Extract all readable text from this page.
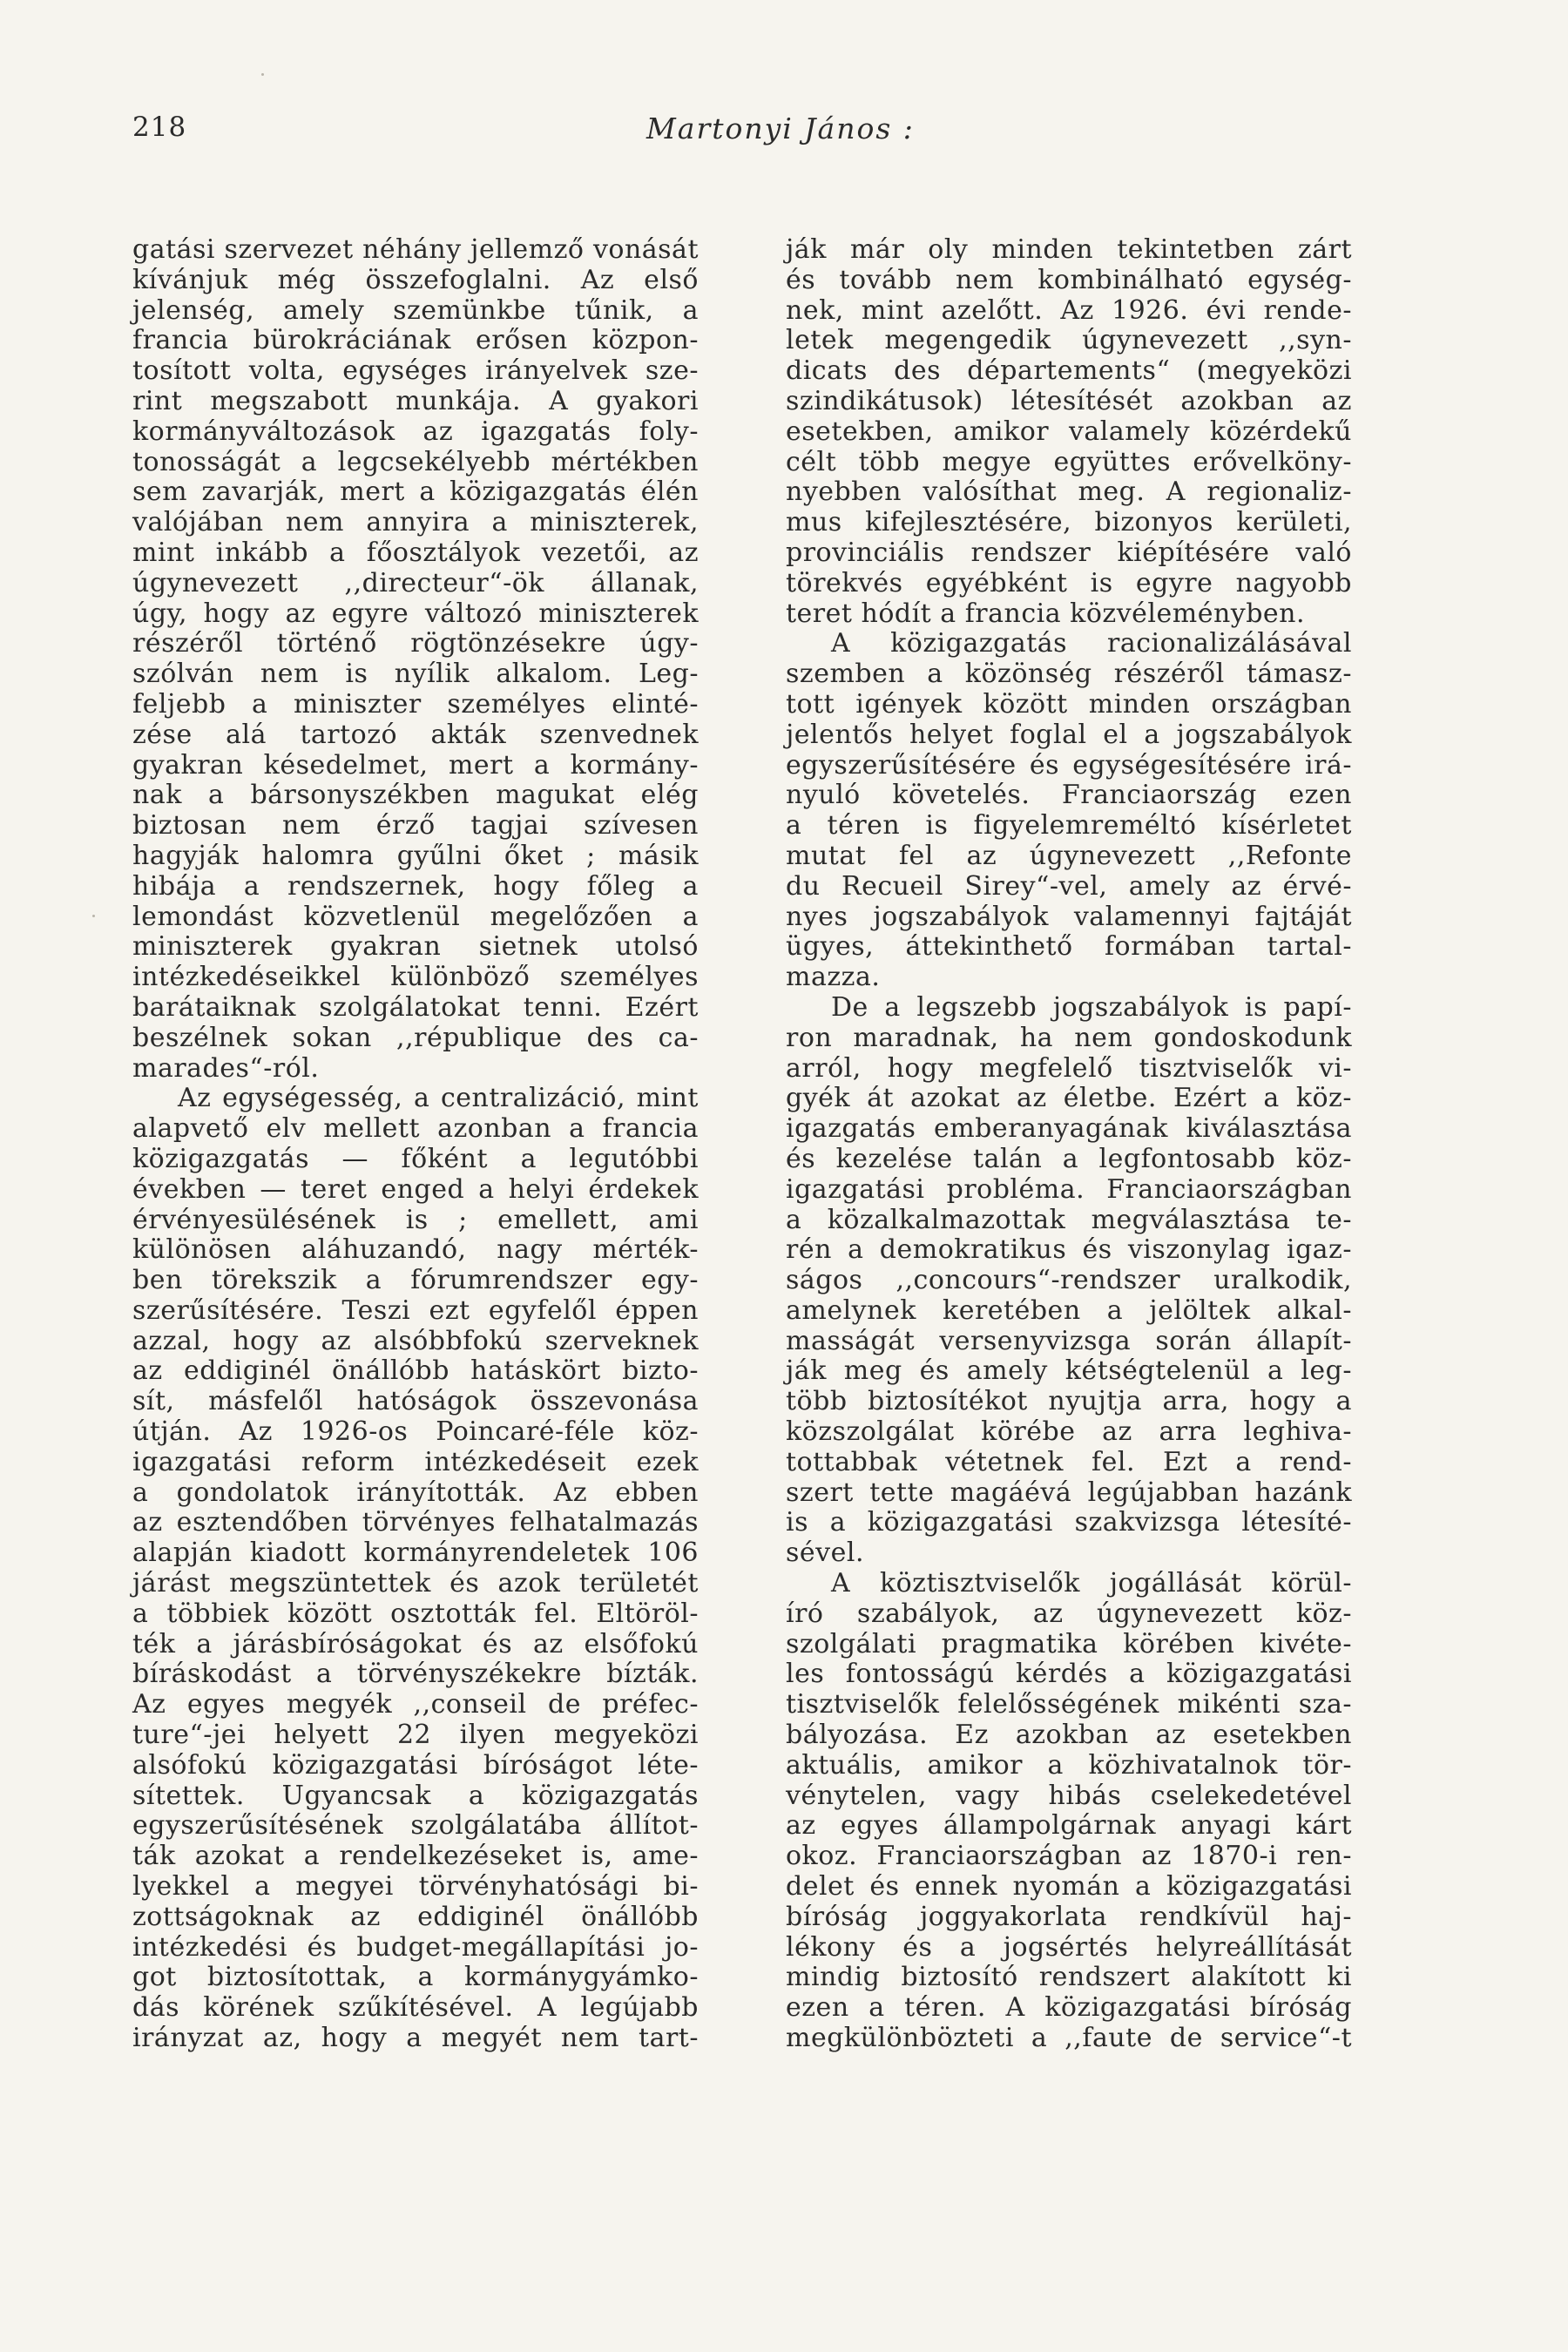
218	Martonyi János :
gatási szervezet néhány jellemző vonását
kívánjuk még összefoglalni. Az első
jelenség, amely szemünkbe tűnik, a
francia bürokráciának erősen közpon-
tosított volta, egységes irányelvek sze-
rint megszabott munkája. A gyakori
kormányváltozások az igazgatás foly-
tonosságát a legcsekélyebb mértékben
sem zavarják, mert a közigazgatás élén
valójában nem annyira a miniszterek,
mint inkább a főosztályok vezetői, az
úgynevezett ,,directeur“-ök állanak,
úgy, hogy az egyre változó miniszterek
részéről történő rögtönzésekre úgy-
szólván nem is nyílik alkalom. Leg-
feljebb a miniszter személyes elinté-
zése alá tartozó akták szenvednek
gyakran késedelmet, mert a kormány-
nak a bársonyszékben magukat elég
biztosan nem érző tagjai szívesen
hagyják halomra gyűlni őket ; másik
hibája a rendszernek, hogy főleg a
lemondást közvetlenül megelőzően a
miniszterek gyakran sietnek utolsó
intézkedéseikkel különböző személyes
barátaiknak szolgálatokat tenni. Ezért
beszélnek sokan ,,république des ca-
marades“-ról.
Az egységesség, a centralizáció, mint
alapvető elv mellett azonban a francia
közigazgatás — főként a legutóbbi
években — teret enged a helyi érdekek
érvényesülésének is ; emellett, ami
különösen aláhuzandó, nagy mérték-
ben törekszik a fórumrendszer egy-
szerűsítésére. Teszi ezt egyfelől éppen
azzal, hogy az alsóbbfokú szerveknek
az eddiginél önállóbb hatáskört bizto-
sít, másfelől hatóságok összevonása
útján. Az 1926-os Poincaré-féle köz-
igazgatási reform intézkedéseit ezek
a gondolatok irányították. Az ebben
az esztendőben törvényes felhatalmazás
alapján kiadott kormányrendeletek 106
járást megszüntettek és azok területét
a többiek között osztották fel. Eltöröl-
ték a járásbíróságokat és az elsőfokú
bíráskodást a törvényszékekre bízták.
Az egyes megyék ,,conseil de préfec-
ture“-jei helyett 22 ilyen megyeközi
alsófokú közigazgatási bíróságot léte-
sítettek. Ugyancsak a közigazgatás
egyszerűsítésének szolgálatába állítot-
ták azokat a rendelkezéseket is, ame-
lyekkel a megyei törvényhatósági bi-
zottságoknak az eddiginél önállóbb
intézkedési és budget-megállapítási jo-
got biztosítottak, a kormánygyámko-
dás körének szűkítésével. A legújabb
irányzat az, hogy a megyét nem tart-
ják már oly minden tekintetben zárt
és tovább nem kombinálható egység-
nek, mint azelőtt. Az 1926. évi rende-
letek megengedik úgynevezett ,,syn-
dicats des départements“ (megyeközi
szindikátusok) létesítését azokban az
esetekben, amikor valamely közérdekű
célt több megye együttes erővelköny-
nyebben valósíthat meg. A regionaliz-
mus kifejlesztésére, bizonyos kerületi,
provinciális rendszer kiépítésére való
törekvés egyébként is egyre nagyobb
teret hódít a francia közvéleményben.
A közigazgatás racionalizálásával
szemben a közönség részéről támasz-
tott igények között minden országban
jelentős helyet foglal el a jogszabályok
egyszerűsítésére és egységesítésére irá-
nyuló követelés. Franciaország ezen
a téren is figyelemreméltó kísérletet
mutat fel az úgynevezett ,,Refonte
du Recueil Sirey“-vel, amely az érvé-
nyes jogszabályok valamennyi fajtáját
ügyes, áttekinthető formában tartal-
mazza.
De a legszebb jogszabályok is papí-
ron maradnak, ha nem gondoskodunk
arról, hogy megfelelő tisztviselők vi-
gyék át azokat az életbe. Ezért a köz-
igazgatás emberanyagának kiválasztása
és kezelése talán a legfontosabb köz-
igazgatási probléma. Franciaországban
a közalkalmazottak megválasztása te-
rén a demokratikus és viszonylag igaz-
ságos ,,concours“-rendszer uralkodik,
amelynek keretében a jelöltek alkal-
masságát versenyvizsga során állapít-
ják meg és amely kétségtelenül a leg-
több biztosítékot nyujtja arra, hogy a
közszolgálat körébe az arra leghiva-
tottabbak vétetnek fel. Ezt a rend-
szert tette magáévá legújabban hazánk
is a közigazgatási szakvizsga létesíté-
sével.
A köztisztviselők jogállását körül-
író szabályok, az úgynevezett köz-
szolgálati pragmatika körében kivéte-
les fontosságú kérdés a közigazgatási
tisztviselők felelősségének mikénti sza-
bályozása. Ez azokban az esetekben
aktuális, amikor a közhivatalnok tör-
vénytelen, vagy hibás cselekedetével
az egyes állampolgárnak anyagi kárt
okoz. Franciaországban az 1870-i ren-
delet és ennek nyomán a közigazgatási
bíróság joggyakorlata rendkívül haj-
lékony és a jogsértés helyreállítását
mindig biztosító rendszert alakított ki
ezen a téren. A közigazgatási bíróság
megkülönbözteti a ,,faute de service“-t
